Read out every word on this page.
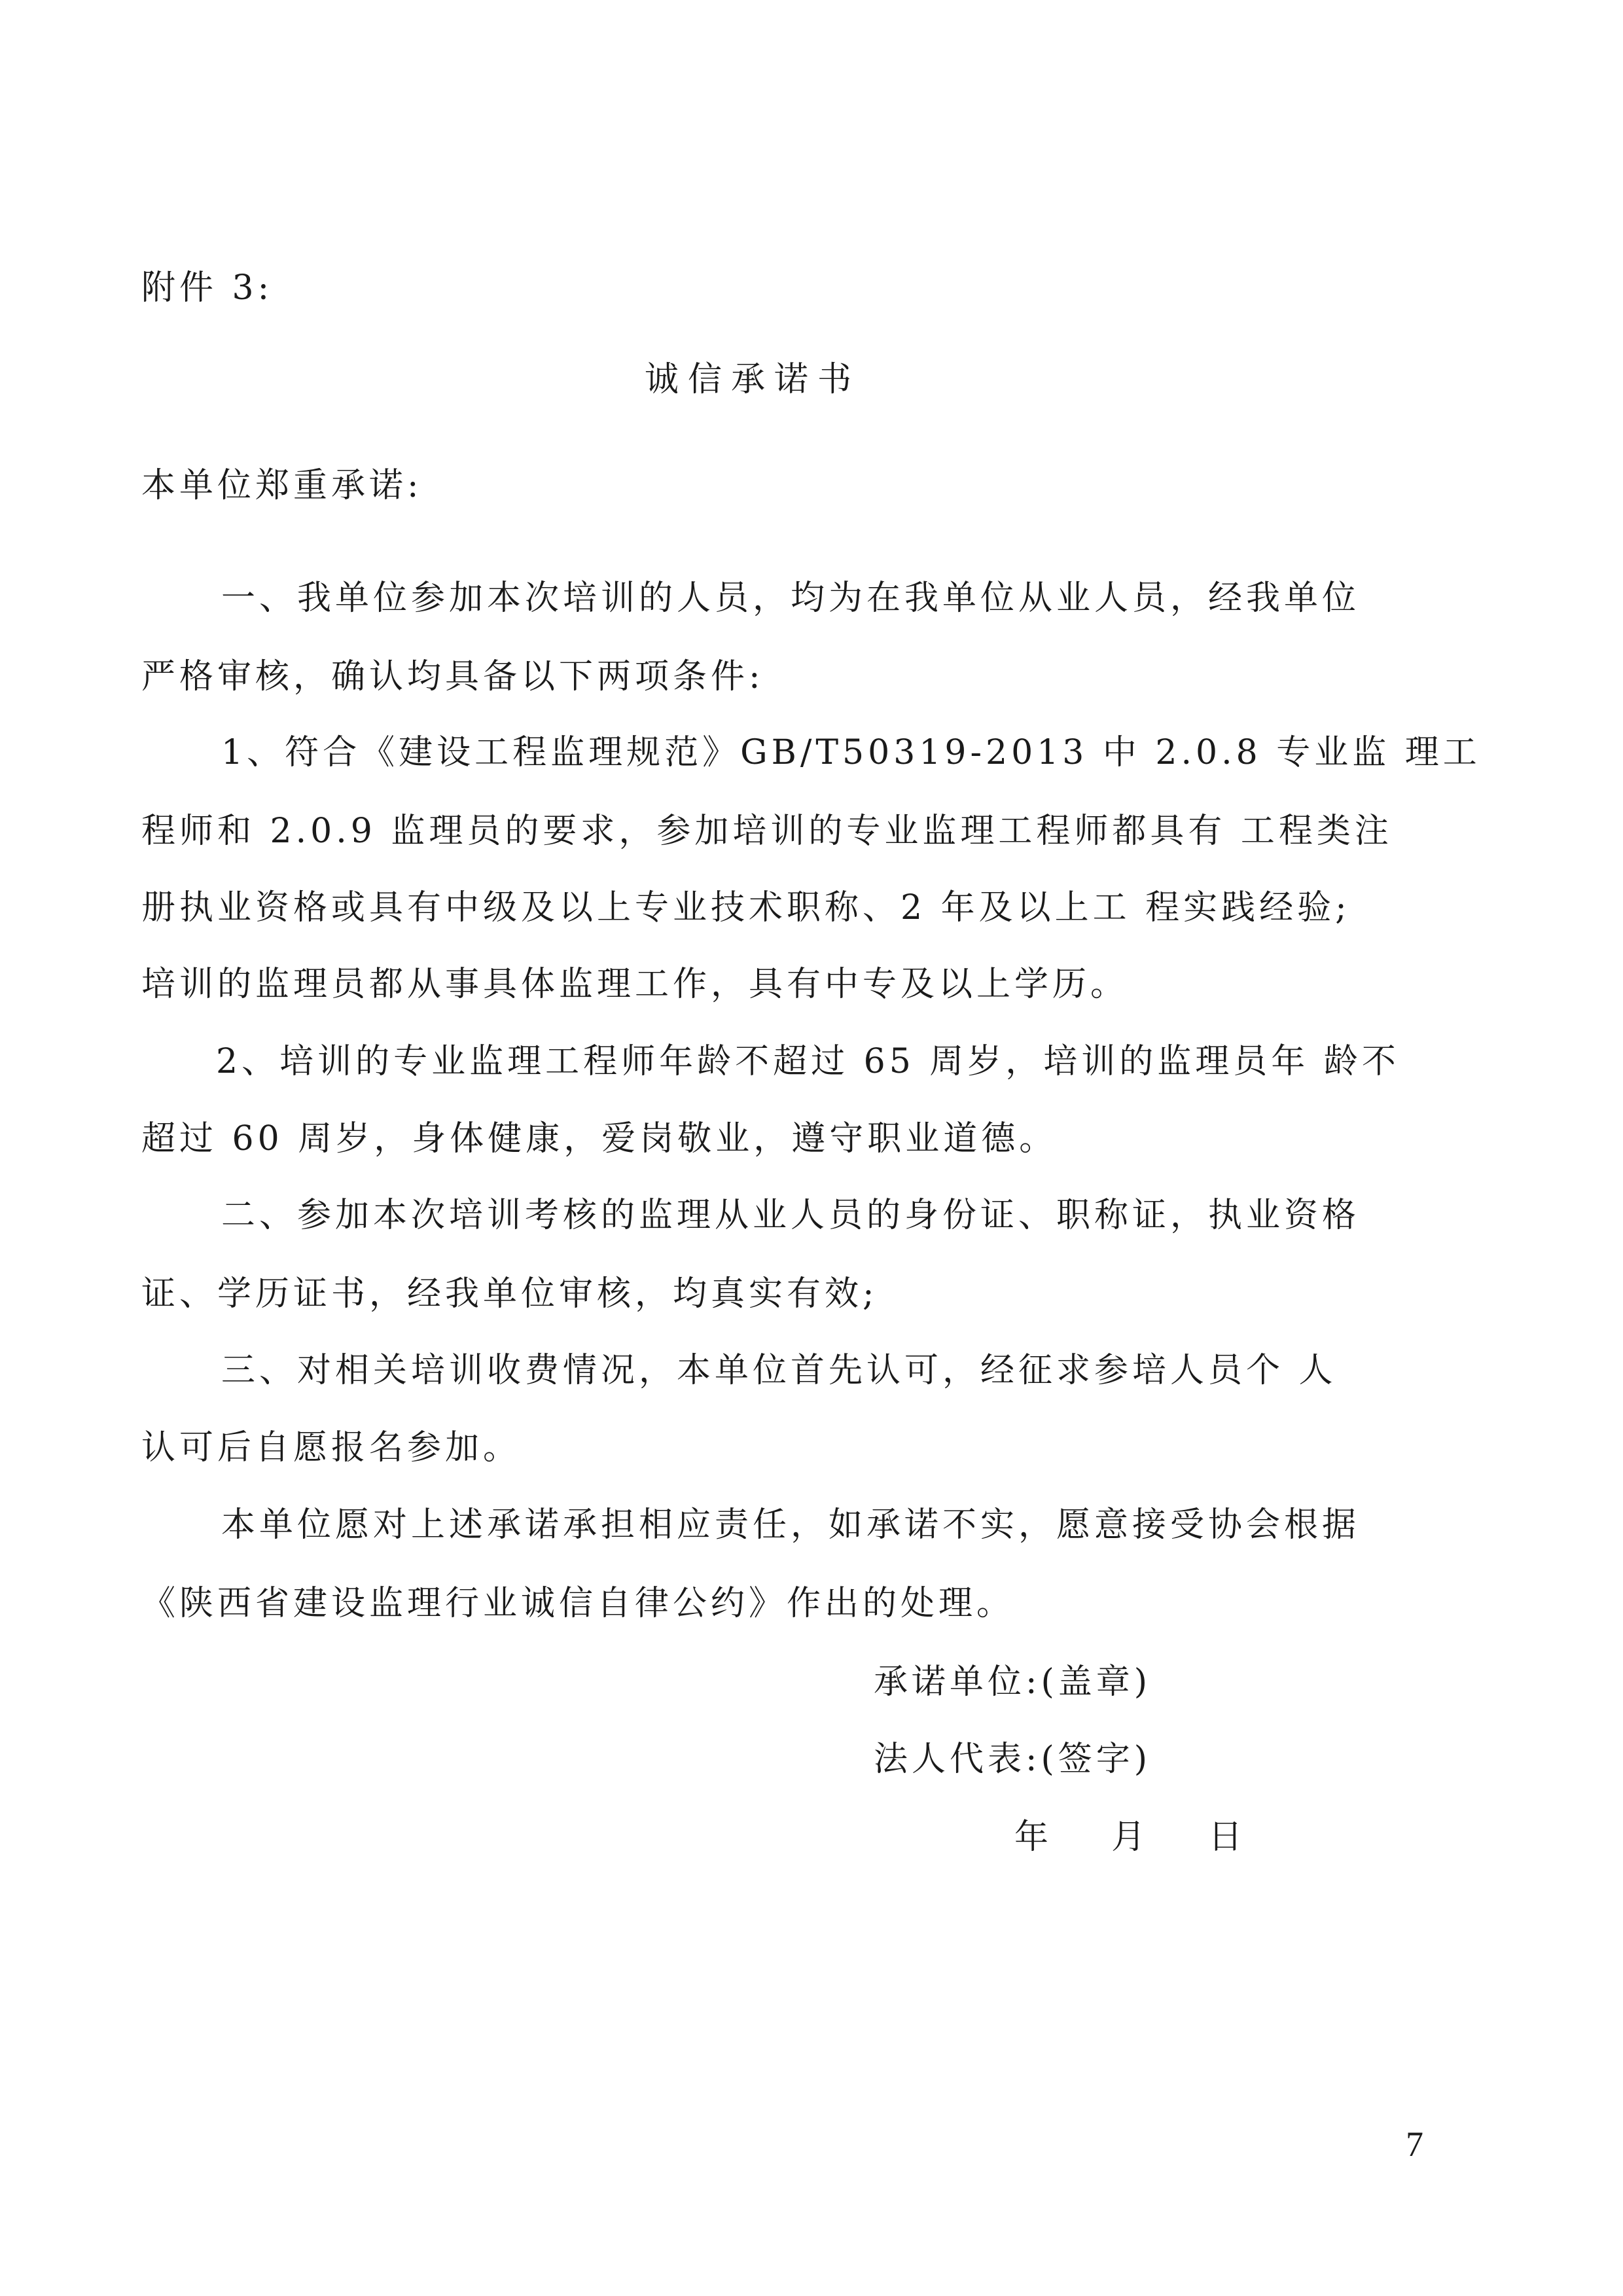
附件 3:
诚信承诺书
本单位郑重承诺:
一、我单位参加本次培训的人员，均为在我单位从业人员，经我单位
严格审核，确认均具备以下两项条件:
1、符合《建设工程监理规范》GB/T50319-2013 中 2.0.8 专业监 理工
程师和 2.0.9 监理员的要求，参加培训的专业监理工程师都具有 工程类注
册执业资格或具有中级及以上专业技术职称、2 年及以上工 程实践经验;
培训的监理员都从事具体监理工作，具有中专及以上学历。
2、培训的专业监理工程师年龄不超过 65 周岁，培训的监理员年 龄不
超过 60 周岁，身体健康，爱岗敬业，遵守职业道德。
二、参加本次培训考核的监理从业人员的身份证、职称证，执业资格
证、学历证书，经我单位审核，均真实有效;
三、对相关培训收费情况，本单位首先认可，经征求参培人员个 人
认可后自愿报名参加。
本单位愿对上述承诺承担相应责任，如承诺不实，愿意接受协会根据
《陕西省建设监理行业诚信自律公约》作出的处理。
承诺单位:(盖章)
法人代表:(签字)
年    月    日
7
